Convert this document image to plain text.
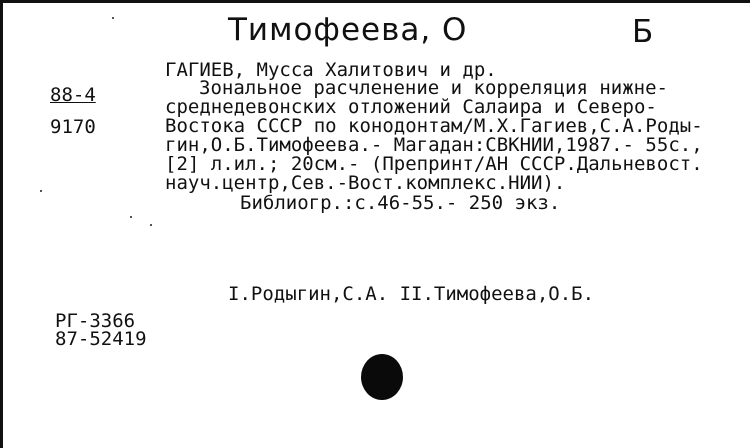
Тимофеева, О	Б
88-4
9170
ГАГИЕВ, Мусса Халитович и др.
Зональное расчленение и корреляция нижне-
среднедевонских отложений Салаира и Северо-
Востока СССР по конодонтам/М.Х.Гагиев,С.А.Роды-
гин,О.Б.Тимофеева.- Магадан:СВКНИИ,1987.- 55с.,
[2] л.ил.; 20см.- (Препринт/АН СССР.Дальневост.
науч.центр,Сев.-Вост.комплекс.НИИ).
Библиогр.:с.46-55.- 250 экз.
I.Родыгин,С.А. II.Тимофеева,О.Б.
РГ-3366
87-52419
